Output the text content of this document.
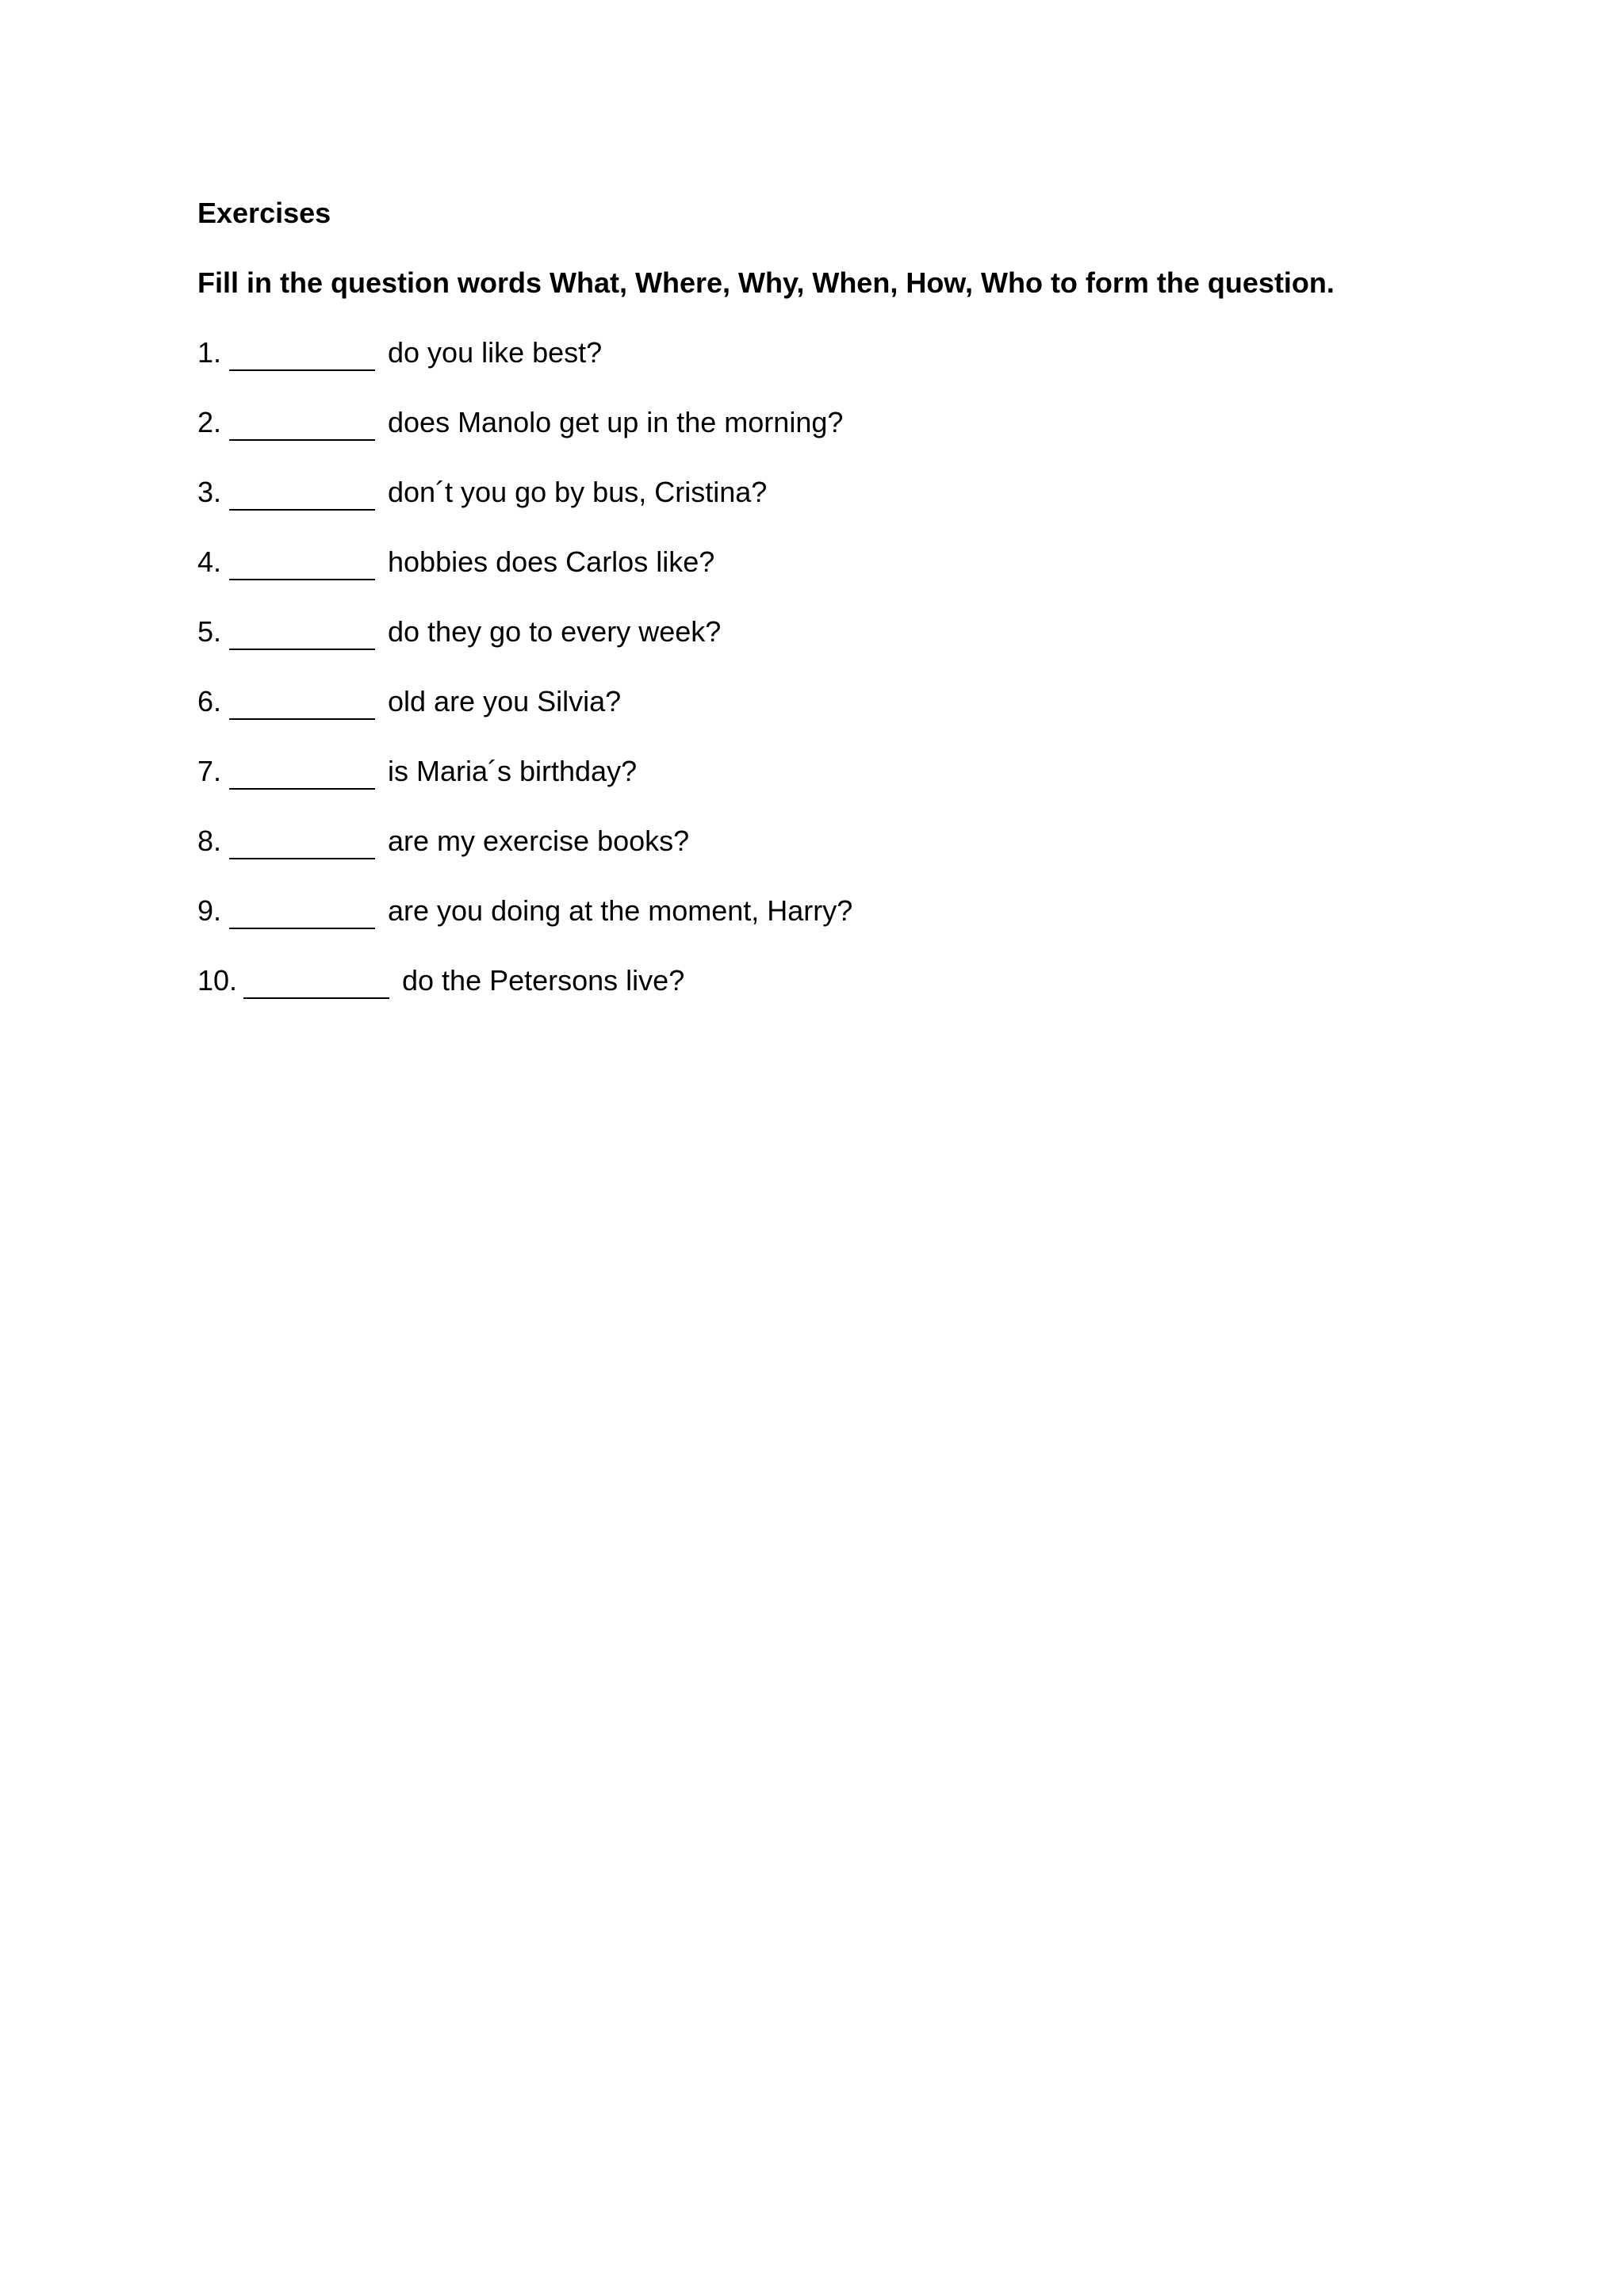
Exercises
Fill in the question words What, Where, Why, When, How, Who to form the question.
1.	do you like best?
2.	does Manolo get up in the morning?
3.	don´t you go by bus, Cristina?
4.	hobbies does Carlos like?
5.	do they go to every week?
6.	old are you Silvia?
7.	is Maria´s birthday?
8.	are my exercise books?
9.	are you doing at the moment, Harry?
10.	do the Petersons live?
